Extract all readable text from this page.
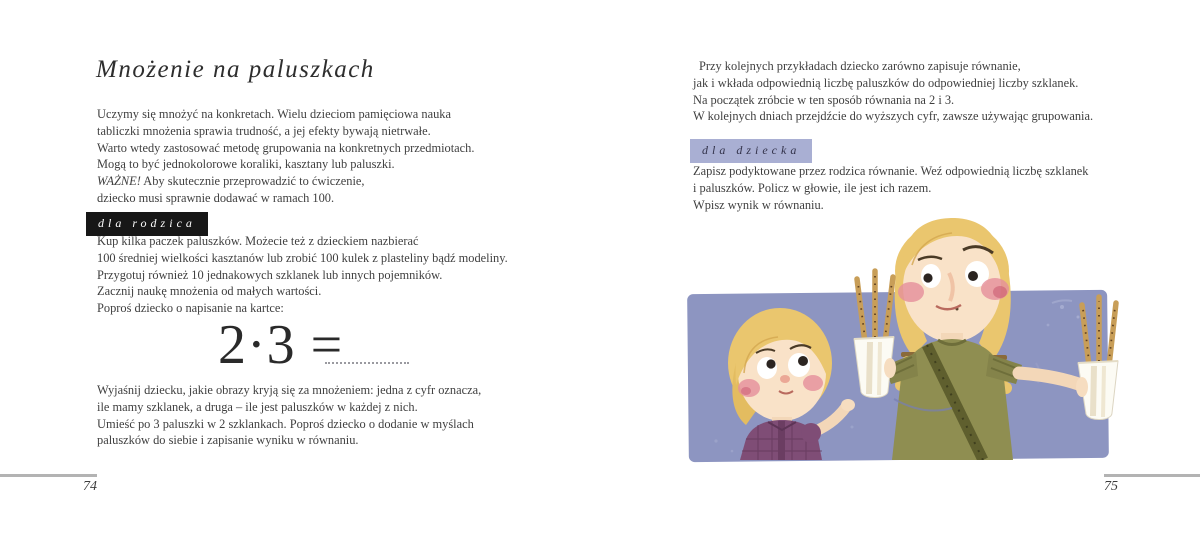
Mnożenie na paluszkach
Uczymy się mnożyć na konkretach. Wielu dzieciom pamięciowa nauka
tabliczki mnożenia sprawia trudność, a jej efekty bywają nietrwałe.
Warto wtedy zastosować metodę grupowania na konkretnych przedmiotach.
Mogą to być jednokolorowe koraliki, kasztany lub paluszki.
WAŻNE! Aby skutecznie przeprowadzić to ćwiczenie,
dziecko musi sprawnie dodawać w ramach 100.
dla rodzica
Kup kilka paczek paluszków. Możecie też z dzieckiem nazbierać
100 średniej wielkości kasztanów lub zrobić 100 kulek z plasteliny bądź modeliny.
Przygotuj również 10 jednakowych szklanek lub innych pojemników.
Zacznij naukę mnożenia od małych wartości.
Poproś dziecko o napisanie na kartce:
2·3 =
Wyjaśnij dziecku, jakie obrazy kryją się za mnożeniem: jedna z cyfr oznacza,
ile mamy szklanek, a druga – ile jest paluszków w każdej z nich.
Umieść po 3 paluszki w 2 szklankach. Poproś dziecko o dodanie w myślach
paluszków do siebie i zapisanie wyniku w równaniu.
74
Przy kolejnych przykładach dziecko zarówno zapisuje równanie,
jak i wkłada odpowiednią liczbę paluszków do odpowiedniej liczby szklanek.
Na początek zróbcie w ten sposób równania na 2 i 3.
W kolejnych dniach przejdźcie do wyższych cyfr, zawsze używając grupowania.
dla dziecka
Zapisz podyktowane przez rodzica równanie. Weź odpowiednią liczbę szklanek
i paluszków. Policz w głowie, ile jest ich razem.
Wpisz wynik w równaniu.
75
